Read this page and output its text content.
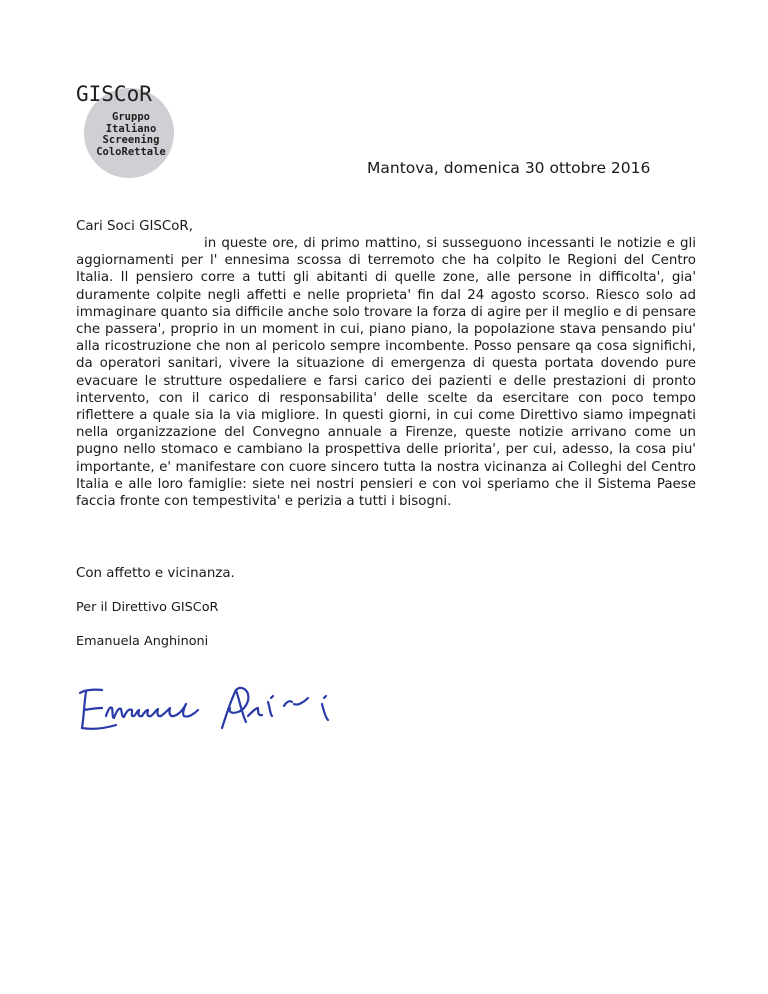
GISCoR
Gruppo
Italiano
Screening
ColoRettale
Mantova, domenica 30 ottobre 2016
Cari Soci GISCoR,
in queste ore, di primo mattino, si susseguono incessanti le notizie e gli aggiornamenti per l' ennesima scossa di terremoto che ha colpito le Regioni del Centro Italia. Il pensiero corre a tutti gli abitanti di quelle zone, alle persone in difficolta', gia' duramente colpite negli affetti e nelle proprieta' fin dal 24 agosto scorso. Riesco solo ad immaginare quanto sia difficile anche solo trovare la forza di agire per il meglio e di pensare che passera', proprio in un moment in cui, piano piano, la popolazione stava pensando piu' alla ricostruzione che non al pericolo sempre incombente. Posso pensare qa cosa significhi, da operatori sanitari, vivere la situazione di emergenza di questa portata dovendo pure evacuare le strutture ospedaliere e farsi carico dei pazienti e delle prestazioni di pronto intervento, con il carico di responsabilita' delle scelte da esercitare con poco tempo riflettere a quale sia la via migliore. In questi giorni, in cui come Direttivo siamo impegnati nella organizzazione del Convegno annuale a Firenze, queste notizie arrivano come un pugno nello stomaco e cambiano la prospettiva delle priorita', per cui, adesso, la cosa piu' importante, e' manifestare con cuore sincero tutta la nostra vicinanza ai Colleghi del Centro Italia e alle loro famiglie: siete nei nostri pensieri e con voi speriamo che il Sistema Paese faccia fronte con tempestivita' e perizia a tutti i bisogni.
Con affetto e vicinanza.
Per il Direttivo GISCoR
Emanuela Anghinoni
